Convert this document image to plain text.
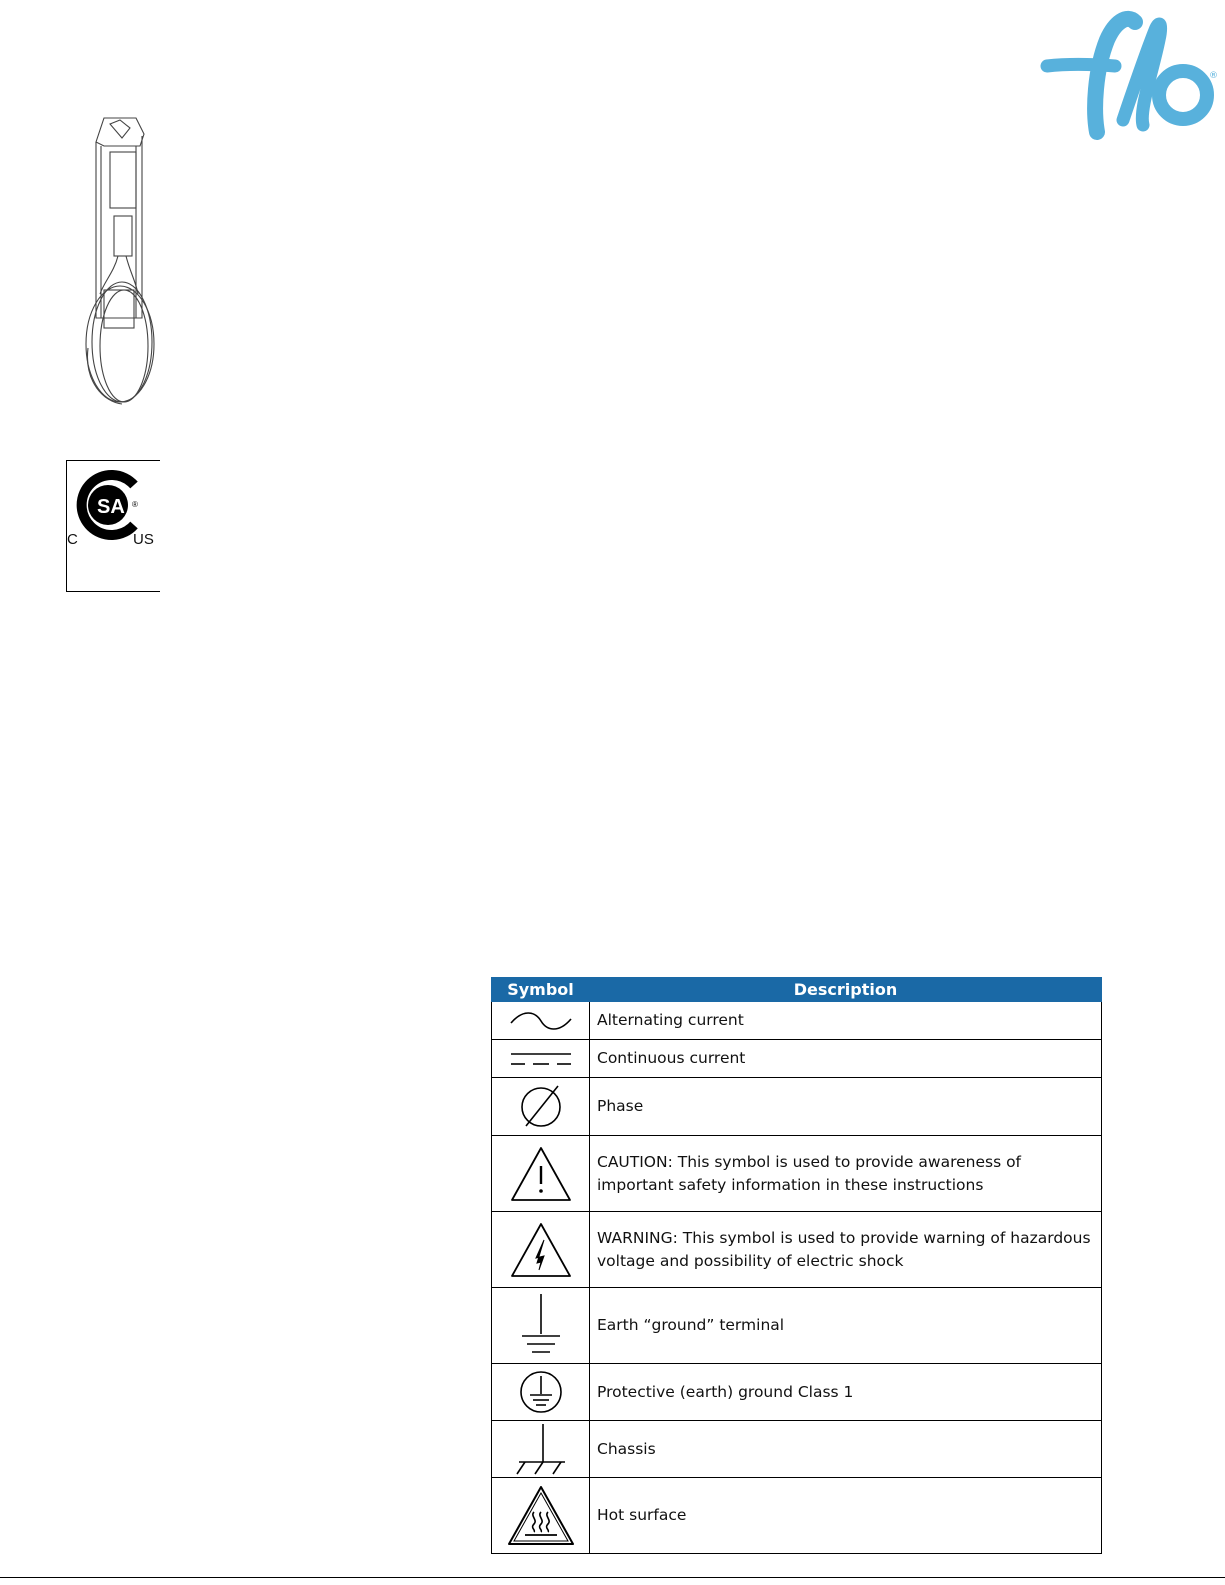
®
SA ®
C	US
Symbol	Description

	Alternating current

	Continuous current

	Phase

	CAUTION: This symbol is used to provide awareness of important safety information in these instructions

	WARNING: This symbol is used to provide warning of hazardous voltage and possibility of electric shock

	Earth “ground” terminal

	Protective (earth) ground Class 1

	Chassis

	Hot surface
